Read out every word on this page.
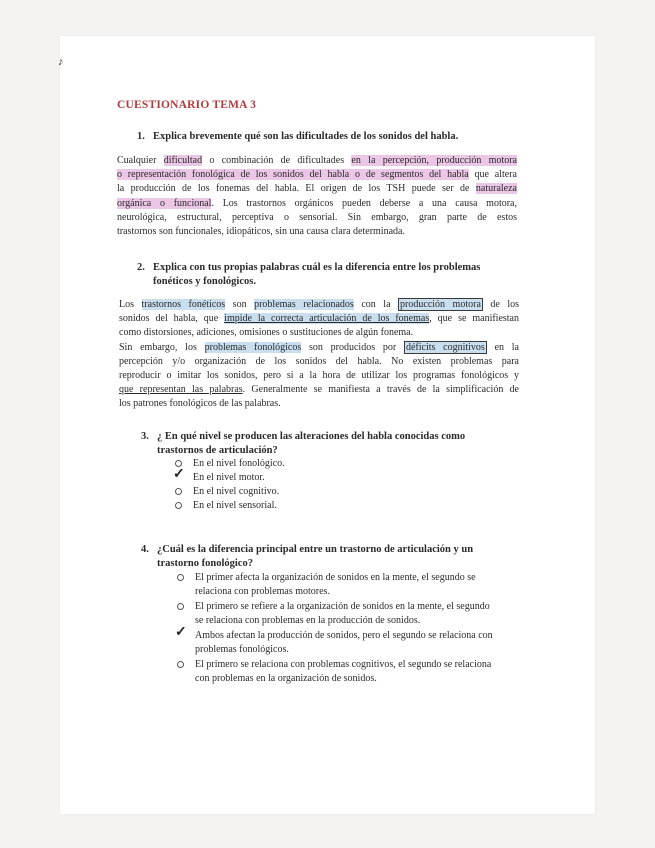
♪
CUESTIONARIO TEMA 3
1. Explica brevemente qué son las dificultades de los sonidos del habla.
Cualquier dificultad o combinación de dificultades en la percepción, producción motora
o representación fonológica de los sonidos del habla o de segmentos del habla que altera
la producción de los fonemas del habla. El origen de los TSH puede ser de naturaleza
orgánica o funcional. Los trastornos orgánicos pueden deberse a una causa motora,
neurológica, estructural, perceptiva o sensorial. Sin embargo, gran parte de estos
trastornos son funcionales, idiopáticos, sin una causa clara determinada.
2. Explica con tus propias palabras cuál es la diferencia entre los problemas
fonéticos y fonológicos.
Los trastornos fonéticos son problemas relacionados con la producción motora de los
sonidos del habla, que impide la correcta articulación de los fonemas, que se manifiestan
como distorsiones, adiciones, omisiones o sustituciones de algún fonema.
Sin embargo, los problemas fonológicos son producidos por déficits cognitivos en la
percepción y/o organización de los sonidos del habla. No existen problemas para
reproducir o imitar los sonidos, pero si a la hora de utilizar los programas fonológicos y
que representan las palabras. Generalmente se manifiesta a través de la simplificación de
los patrones fonológicos de las palabras.
3. ¿ En qué nivel se producen las alteraciones del habla conocidas como
trastornos de articulación?
En el nivel fonológico.
✓ En el nivel motor.
En el nivel cognitivo.
En el nivel sensorial.
4. ¿Cuál es la diferencia principal entre un trastorno de articulación y un
trastorno fonológico?
El primer afecta la organización de sonidos en la mente, el segundo se
relaciona con problemas motores.
El primero se refiere a la organización de sonidos en la mente, el segundo
se relaciona con problemas en la producción de sonidos.
✓ Ambos afectan la producción de sonidos, pero el segundo se relaciona con
problemas fonológicos.
El primero se relaciona con problemas cognitivos, el segundo se relaciona
con problemas en la organización de sonidos.
